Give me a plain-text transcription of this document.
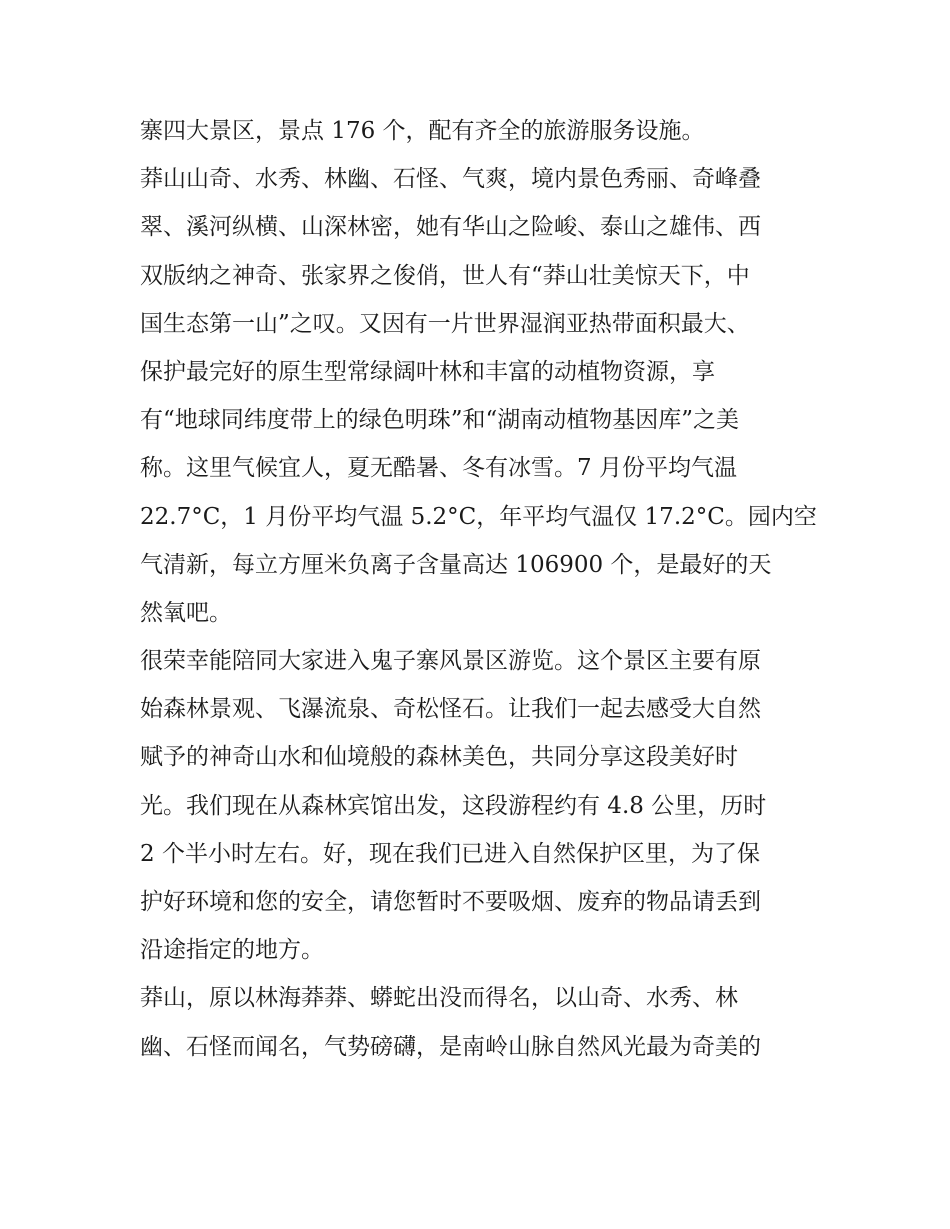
寨四大景区，景点 176 个，配有齐全的旅游服务设施。
莽山山奇、水秀、林幽、石怪、气爽，境内景色秀丽、奇峰叠
翠、溪河纵横、山深林密，她有华山之险峻、泰山之雄伟、西
双版纳之神奇、张家界之俊俏，世人有“莽山壮美惊天下，中
国生态第一山”之叹。又因有一片世界湿润亚热带面积最大、
保护最完好的原生型常绿阔叶林和丰富的动植物资源，享
有“地球同纬度带上的绿色明珠”和“湖南动植物基因库”之美
称。这里气候宜人，夏无酷暑、冬有冰雪。7 月份平均气温
22.7°C，1 月份平均气温 5.2°C，年平均气温仅 17.2°C。园内空
气清新，每立方厘米负离子含量高达 106900 个，是最好的天
然氧吧。
很荣幸能陪同大家进入鬼子寨风景区游览。这个景区主要有原
始森林景观、飞瀑流泉、奇松怪石。让我们一起去感受大自然
赋予的神奇山水和仙境般的森林美色，共同分享这段美好时
光。我们现在从森林宾馆出发，这段游程约有 4.8 公里，历时
2 个半小时左右。好，现在我们已进入自然保护区里，为了保
护好环境和您的安全，请您暂时不要吸烟、废弃的物品请丢到
沿途指定的地方。
莽山，原以林海莽莽、蟒蛇出没而得名，以山奇、水秀、林
幽、石怪而闻名，气势磅礴，是南岭山脉自然风光最为奇美的
